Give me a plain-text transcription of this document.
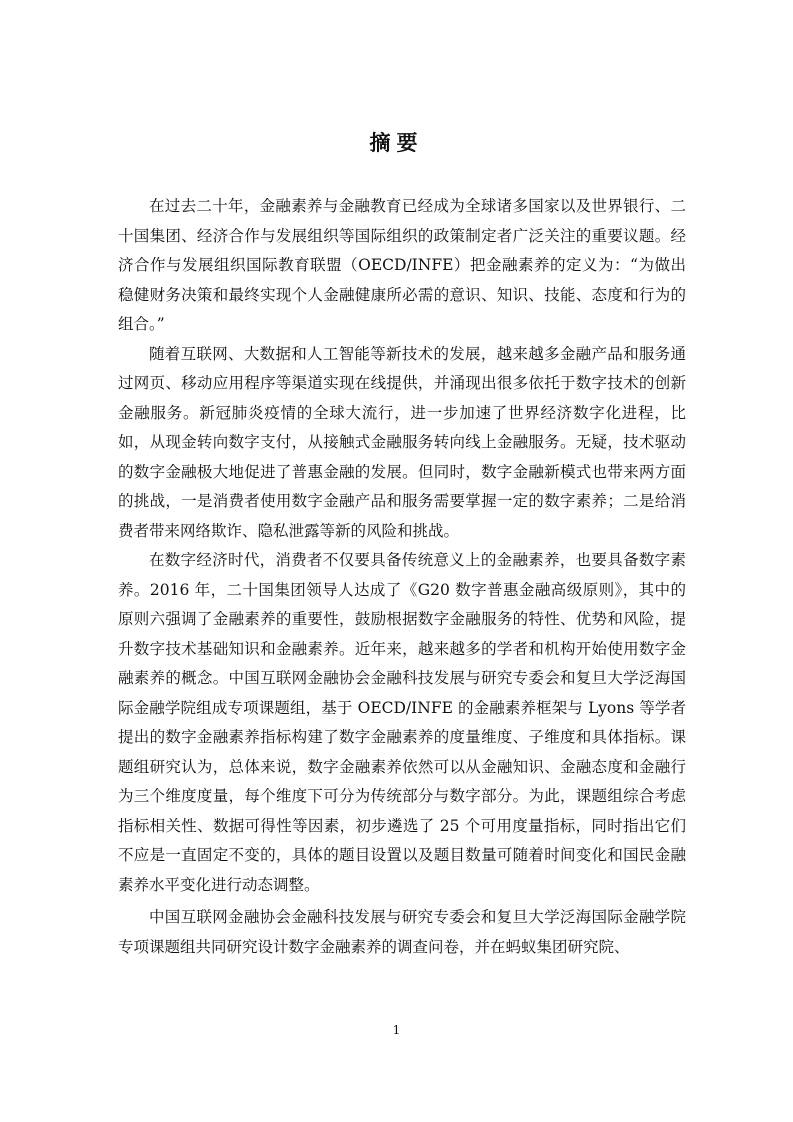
摘要

在过去二十年，金融素养与金融教育已经成为全球诸多国家以及世界银行、二十国集团、经济合作与发展组织等国际组织的政策制定者广泛关注的重要议题。经济合作与发展组织国际教育联盟（OECD/INFE）把金融素养的定义为：“为做出稳健财务决策和最终实现个人金融健康所必需的意识、知识、技能、态度和行为的组合。”

随着互联网、大数据和人工智能等新技术的发展，越来越多金融产品和服务通过网页、移动应用程序等渠道实现在线提供，并涌现出很多依托于数字技术的创新金融服务。新冠肺炎疫情的全球大流行，进一步加速了世界经济数字化进程，比如，从现金转向数字支付，从接触式金融服务转向线上金融服务。无疑，技术驱动的数字金融极大地促进了普惠金融的发展。但同时，数字金融新模式也带来两方面的挑战，一是消费者使用数字金融产品和服务需要掌握一定的数字素养；二是给消费者带来网络欺诈、隐私泄露等新的风险和挑战。

在数字经济时代，消费者不仅要具备传统意义上的金融素养，也要具备数字素养。2016 年，二十国集团领导人达成了《G20 数字普惠金融高级原则》，其中的原则六强调了金融素养的重要性，鼓励根据数字金融服务的特性、优势和风险，提升数字技术基础知识和金融素养。近年来，越来越多的学者和机构开始使用数字金融素养的概念。中国互联网金融协会金融科技发展与研究专委会和复旦大学泛海国际金融学院组成专项课题组，基于 OECD/INFE 的金融素养框架与 Lyons 等学者提出的数字金融素养指标构建了数字金融素养的度量维度、子维度和具体指标。课题组研究认为，总体来说，数字金融素养依然可以从金融知识、金融态度和金融行为三个维度度量，每个维度下可分为传统部分与数字部分。为此，课题组综合考虑指标相关性、数据可得性等因素，初步遴选了 25 个可用度量指标，同时指出它们不应是一直固定不变的，具体的题目设置以及题目数量可随着时间变化和国民金融素养水平变化进行动态调整。

中国互联网金融协会金融科技发展与研究专委会和复旦大学泛海国际金融学院专项课题组共同研究设计数字金融素养的调查问卷，并在蚂蚁集团研究院、

1
